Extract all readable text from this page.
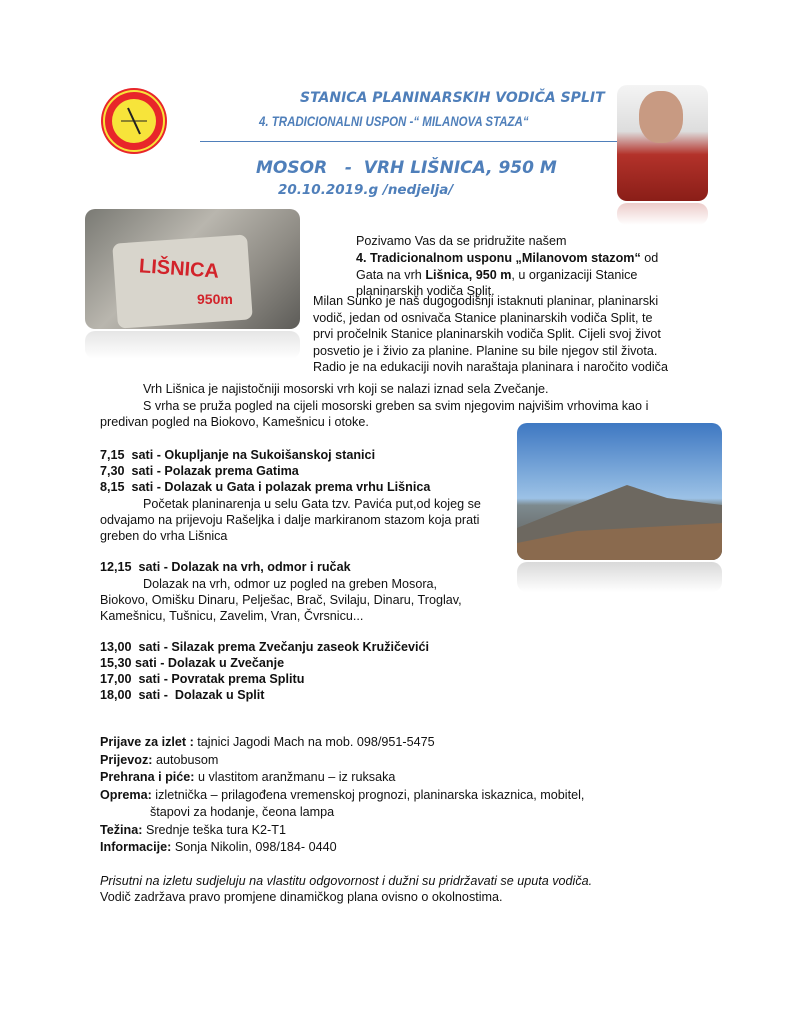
STANICA PLANINARSKIH VODIČA SPLIT
4. TRADICIONALNI USPON -“ MILANOVA STAZA“
MOSOR   -  VRH LIŠNICA, 950 M
20.10.2019.g /nedjelja/
LIŠNICA
950m
Pozivamo Vas da se pridružite našem
4. Tradicionalnom usponu „Milanovom stazom“ od
Gata na vrh Lišnica, 950 m, u organizaciji Stanice
planinarskih vodiča Split.
Milan Sunko je naš dugogodišnji istaknuti planinar, planinarski
vodič, jedan od osnivača Stanice planinarskih vodiča Split, te
prvi pročelnik Stanice planinarskih vodiča Split. Cijeli svoj život
posvetio je i živio za planine. Planine su bile njegov stil života.
Radio je na edukaciji novih naraštaja planinara i naročito vodiča
Vrh Lišnica je najistočniji mosorski vrh koji se nalazi iznad sela Zvečanje.
S vrha se pruža pogled na cijeli mosorski greben sa svim njegovim najvišim vrhovima kao i
predivan pogled na Biokovo, Kamešnicu i otoke.
7,15  sati - Okupljanje na Sukoišanskoj stanici
7,30  sati - Polazak prema Gatima
8,15  sati - Dolazak u Gata i polazak prema vrhu Lišnica
Početak planinarenja u selu Gata tzv. Pavića put,od kojeg se
odvajamo na prijevoju Rašeljka i dalje markiranom stazom koja prati
greben do vrha Lišnica
12,15  sati - Dolazak na vrh, odmor i ručak
Dolazak na vrh, odmor uz pogled na greben Mosora,
Biokovo, Omišku Dinaru, Pelješac, Brač, Svilaju, Dinaru, Troglav,
Kamešnicu, Tušnicu, Zavelim, Vran, Čvrsnicu...
13,00  sati - Silazak prema Zvečanju zaseok Kružičevići
15,30 sati - Dolazak u Zvečanje
17,00  sati - Povratak prema Splitu
18,00  sati -  Dolazak u Split
Prijave za izlet : tajnici Jagodi Mach na mob. 098/951-5475
Prijevoz: autobusom
Prehrana i piće: u vlastitom aranžmanu – iz ruksaka
Oprema: izletnička – prilagođena vremenskoj prognozi, planinarska iskaznica, mobitel,
štapovi za hodanje, čeona lampa
Težina: Srednje teška tura K2-T1
Informacije: Sonja Nikolin, 098/184- 0440
Prisutni na izletu sudjeluju na vlastitu odgovornost i dužni su pridržavati se uputa vodiča.
Vodič zadržava pravo promjene dinamičkog plana ovisno o okolnostima.
